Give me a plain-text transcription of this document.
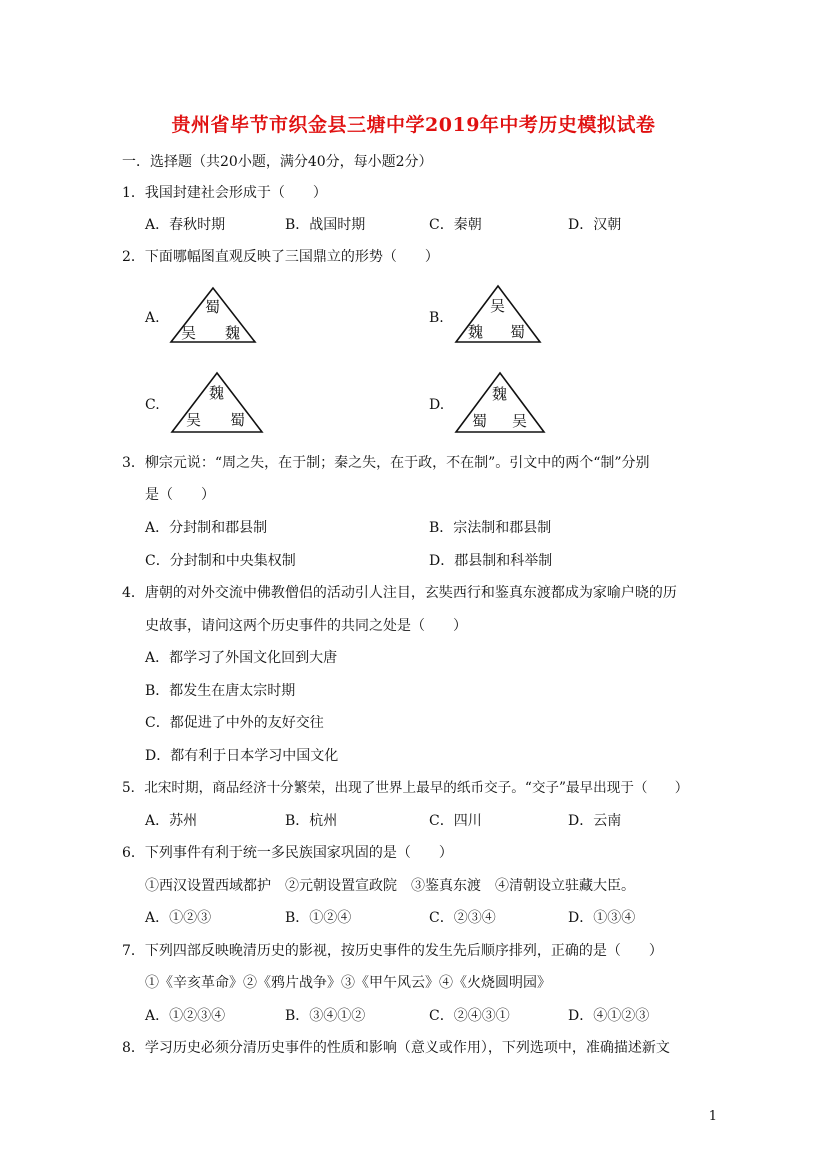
贵州省毕节市织金县三塘中学2019年中考历史模拟试卷
一．选择题（共20小题，满分40分，每小题2分）
1．我国封建社会形成于（　　）
A．春秋时期	B．战国时期	C．秦朝	D．汉朝
2．下面哪幅图直观反映了三国鼎立的形势（　　）
A.
蜀
吴 魏
B.
吴
魏 蜀
C.
魏
吴 蜀
D.
魏
蜀 吴
3．柳宗元说：“周之失，在于制；秦之失，在于政，不在制”。引文中的两个“制”分别
是（　　）
A．分封制和郡县制	B．宗法制和郡县制
C．分封制和中央集权制	D．郡县制和科举制
4．唐朝的对外交流中佛教僧侣的活动引人注目，玄奘西行和鉴真东渡都成为家喻户晓的历
史故事，请问这两个历史事件的共同之处是（　　）
A．都学习了外国文化回到大唐
B．都发生在唐太宗时期
C．都促进了中外的友好交往
D．都有利于日本学习中国文化
5．北宋时期，商品经济十分繁荣，出现了世界上最早的纸币交子。“交子”最早出现于（　　）
A．苏州	B．杭州	C．四川	D．云南
6．下列事件有利于统一多民族国家巩固的是（　　）
①西汉设置西域都护　②元朝设置宣政院　③鉴真东渡　④清朝设立驻藏大臣。
A．①②③	B．①②④	C．②③④	D．①③④
7．下列四部反映晚清历史的影视，按历史事件的发生先后顺序排列，正确的是（　　）
①《辛亥革命》②《鸦片战争》③《甲午风云》④《火烧圆明园》
A．①②③④	B．③④①②	C．②④③①	D．④①②③
8．学习历史必须分清历史事件的性质和影响（意义或作用），下列选项中，准确描述新文
1
